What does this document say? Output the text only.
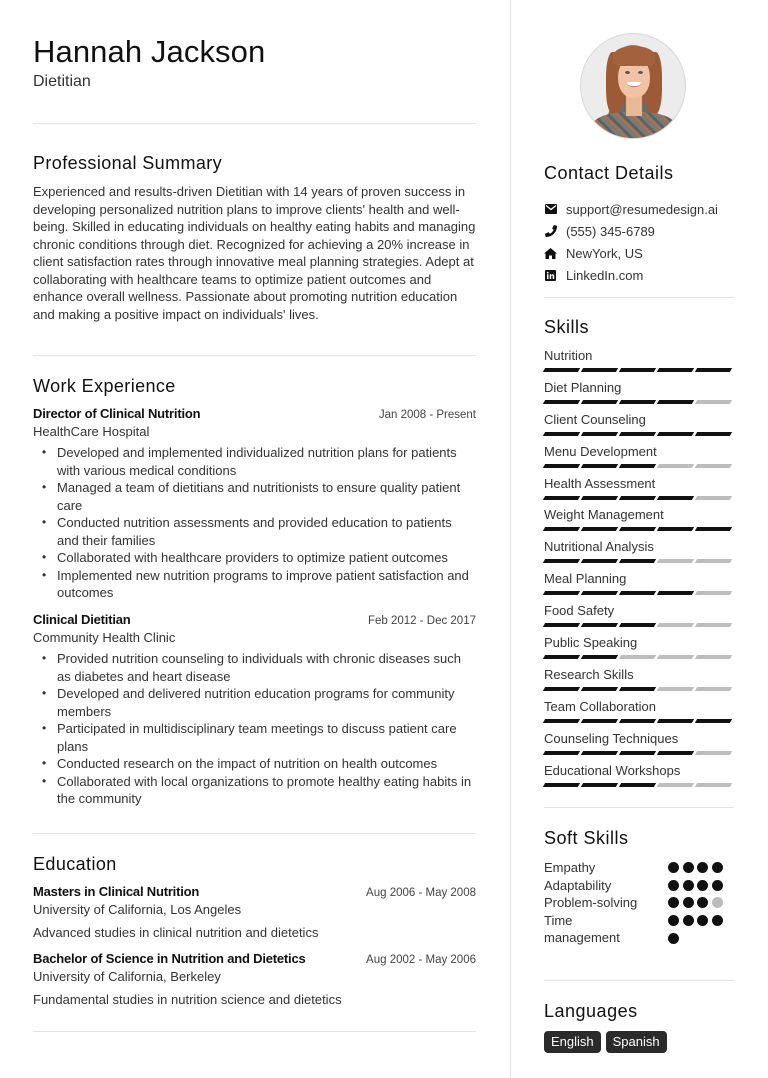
Hannah Jackson
Dietitian
Professional Summary
Experienced and results-driven Dietitian with 14 years of proven success in developing personalized nutrition plans to improve clients' health and well-being. Skilled in educating individuals on healthy eating habits and managing chronic conditions through diet. Recognized for achieving a 20% increase in client satisfaction rates through innovative meal planning strategies. Adept at collaborating with healthcare teams to optimize patient outcomes and enhance overall wellness. Passionate about promoting nutrition education and making a positive impact on individuals' lives.
Work Experience
Director of Clinical Nutrition	Jan 2008 - Present
HealthCare Hospital
• Developed and implemented individualized nutrition plans for patients with various medical conditions
• Managed a team of dietitians and nutritionists to ensure quality patient care
• Conducted nutrition assessments and provided education to patients and their families
• Collaborated with healthcare providers to optimize patient outcomes
• Implemented new nutrition programs to improve patient satisfaction and outcomes
Clinical Dietitian	Feb 2012 - Dec 2017
Community Health Clinic
• Provided nutrition counseling to individuals with chronic diseases such as diabetes and heart disease
• Developed and delivered nutrition education programs for community members
• Participated in multidisciplinary team meetings to discuss patient care plans
• Conducted research on the impact of nutrition on health outcomes
• Collaborated with local organizations to promote healthy eating habits in the community
Education
Masters in Clinical Nutrition	Aug 2006 - May 2008
University of California, Los Angeles
Advanced studies in clinical nutrition and dietetics
Bachelor of Science in Nutrition and Dietetics	Aug 2002 - May 2006
University of California, Berkeley
Fundamental studies in nutrition science and dietetics
Contact Details
support@resumedesign.ai
(555) 345-6789
NewYork, US
LinkedIn.com
Skills
Nutrition
Diet Planning
Client Counseling
Menu Development
Health Assessment
Weight Management
Nutritional Analysis
Meal Planning
Food Safety
Public Speaking
Research Skills
Team Collaboration
Counseling Techniques
Educational Workshops
Soft Skills
Empathy
Adaptability
Problem-solving
Time management
Languages
English	Spanish
